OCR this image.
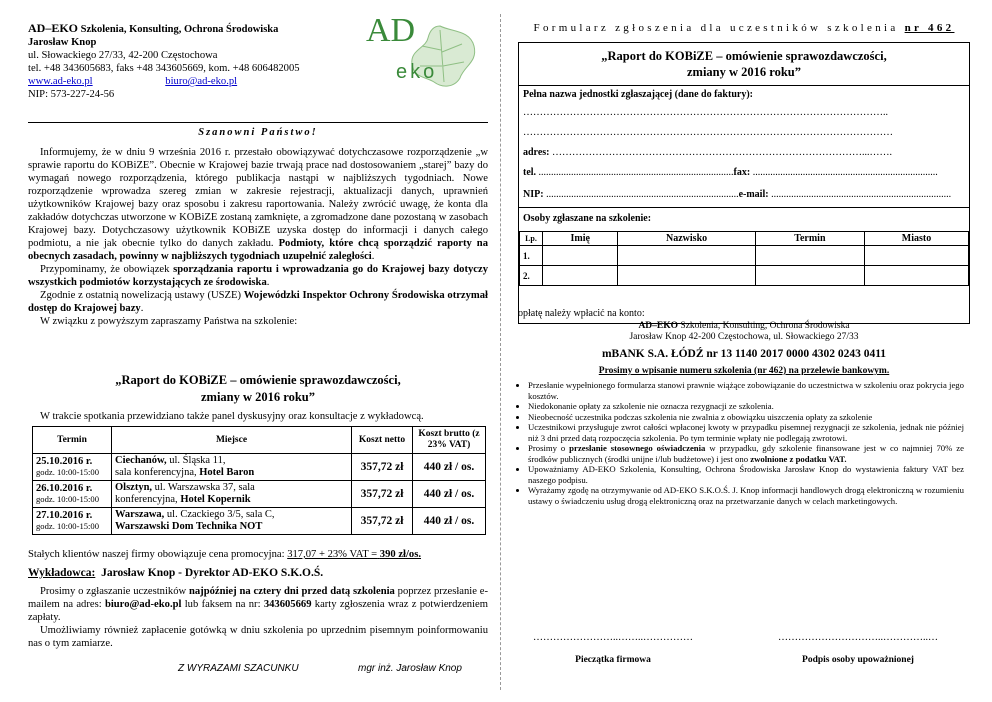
AD–EKO Szkolenia, Konsulting, Ochrona Środowiska
Jarosław Knop
ul. Słowackiego 27/33, 42-200 Częstochowa
tel. +48 343605683, faks +48 343605669, kom. +48 606482005
www.ad-eko.pl	biuro@ad-eko.pl
NIP: 573-227-24-56
AD
eko
Szanowni Państwo!

Informujemy, że w dniu 9 września 2016 r. przestało obowiązywać dotychczasowe rozporządzenie „w sprawie raportu do KOBiZE”. Obecnie w Krajowej bazie trwają prace nad dostosowaniem „starej” bazy do wymagań nowego rozporządzenia, którego publikacja nastąpi w najbliższych tygodniach. Nowe rozporządzenie wprowadza szereg zmian w zakresie rejestracji, aktualizacji danych, uprawnień użytkowników Krajowej bazy oraz sposobu i zakresu raportowania. Należy zwrócić uwagę, że konta dla zakładów dotychczas utworzone w KOBiZE zostaną zamknięte, a zgromadzone dane pozostaną w zasobach Krajowej bazy. Dotychczasowy użytkownik KOBiZE uzyska dostęp do informacji i danych całego podmiotu, a nie jak obecnie tylko do danych zakładu. Podmioty, które chcą sporządzić raporty na obecnych zasadach, powinny w najbliższych tygodniach uzupełnić zaległości.

Przypominamy, że obowiązek sporządzania raportu i wprowadzania go do Krajowej bazy dotyczy wszystkich podmiotów korzystających ze środowiska.

Zgodnie z ostatnią nowelizacją ustawy (USZE) Wojewódzki Inspektor Ochrony Środowiska otrzymał dostęp do Krajowej bazy.

W związku z powyższym zapraszamy Państwa na szkolenie:

„Raport do KOBiZE – omówienie sprawozdawczości,
zmiany w 2016 roku”

W trakcie spotkania przewidziano także panel dyskusyjny oraz konsultacje z wykładowcą.

Termin	Miejsce	Koszt netto	Koszt brutto (z 23% VAT)
25.10.2016 r.
godz. 10:00-15:00	Ciechanów, ul. Śląska 11,
sala konferencyjna, Hotel Baron	357,72 zł	440 zł / os.
26.10.2016 r.
godz. 10:00-15:00	Olsztyn, ul. Warszawska 37, sala
konferencyjna, Hotel Kopernik	357,72 zł	440 zł / os.
27.10.2016 r.
godz. 10:00-15:00	Warszawa, ul. Czackiego 3/5, sala C,
Warszawski Dom Technika NOT	357,72 zł	440 zł / os.
Stałych klientów naszej firmy obowiązuje cena promocyjna: 317,07 + 23% VAT = 390 zł/os.
Wykładowca: Jarosław Knop - Dyrektor AD-EKO S.K.O.Ś.

Prosimy o zgłaszanie uczestników najpóźniej na cztery dni przed datą szkolenia poprzez przesłanie e-mailem na adres: biuro@ad-eko.pl lub faksem na nr: 343605669 karty zgłoszenia wraz z potwierdzeniem zapłaty.

Umożliwiamy również zapłacenie gotówką w dniu szkolenia po uprzednim pisemnym poinformowaniu nas o tym zamiarze.

Z WYRAZAMI SZACUNKU	mgr inż. Jarosław Knop
Formularz zgłoszenia dla uczestników szkolenia nr 462
„Raport do KOBiZE – omówienie sprawozdawczości,
zmiany w 2016 roku”
Pełna nazwa jednostki zgłaszającej (dane do faktury):
………………………………………………………………………………………………..
…………………………………………………………………………………………………
adres: …………………………………………………………………………………...…….
tel. ..............................................................................fax: ..........................................................................
NIP: .............................................................................e-mail: ........................................................................
Osoby zgłaszane na szkolenie:
Lp.	Imię	Nazwisko	Termin	Miasto
1.				
2.				
opłatę należy wpłacić na konto:
AD–EKO Szkolenia, Konsulting, Ochrona Środowiska
Jarosław Knop 42-200 Częstochowa, ul. Słowackiego 27/33
mBANK S.A. ŁÓDŹ nr 13 1140 2017 0000 4302 0243 0411
Prosimy o wpisanie numeru szkolenia (nr 462) na przelewie bankowym.
• Przesłanie wypełnionego formularza stanowi prawnie wiążące zobowiązanie do uczestnictwa w szkoleniu oraz pokrycia jego kosztów.
• Niedokonanie opłaty za szkolenie nie oznacza rezygnacji ze szkolenia.
• Nieobecność uczestnika podczas szkolenia nie zwalnia z obowiązku uiszczenia opłaty za szkolenie
• Uczestnikowi przysługuje zwrot całości wpłaconej kwoty w przypadku pisemnej rezygnacji ze szkolenia, jednak nie później niż 3 dni przed datą rozpoczęcia szkolenia. Po tym terminie wpłaty nie podlegają zwrotowi.
• Prosimy o przesłanie stosownego oświadczenia w przypadku, gdy szkolenie finansowane jest w co najmniej 70% ze środków publicznych (środki unijne i/lub budżetowe) i jest ono zwolnione z podatku VAT.
• Upoważniamy AD-EKO Szkolenia, Konsulting, Ochrona Środowiska Jarosław Knop do wystawienia faktury VAT bez naszego podpisu.
• Wyrażamy zgodę na otrzymywanie od AD-EKO S.K.O.Ś. J. Knop informacji handlowych drogą elektroniczną w rozumieniu ustawy o świadczeniu usług drogą elektroniczną oraz na przetwarzanie danych w celach marketingowych.
……………………..……..……………
Pieczątka firmowa
…………………………..…………..…
Podpis osoby upoważnionej
